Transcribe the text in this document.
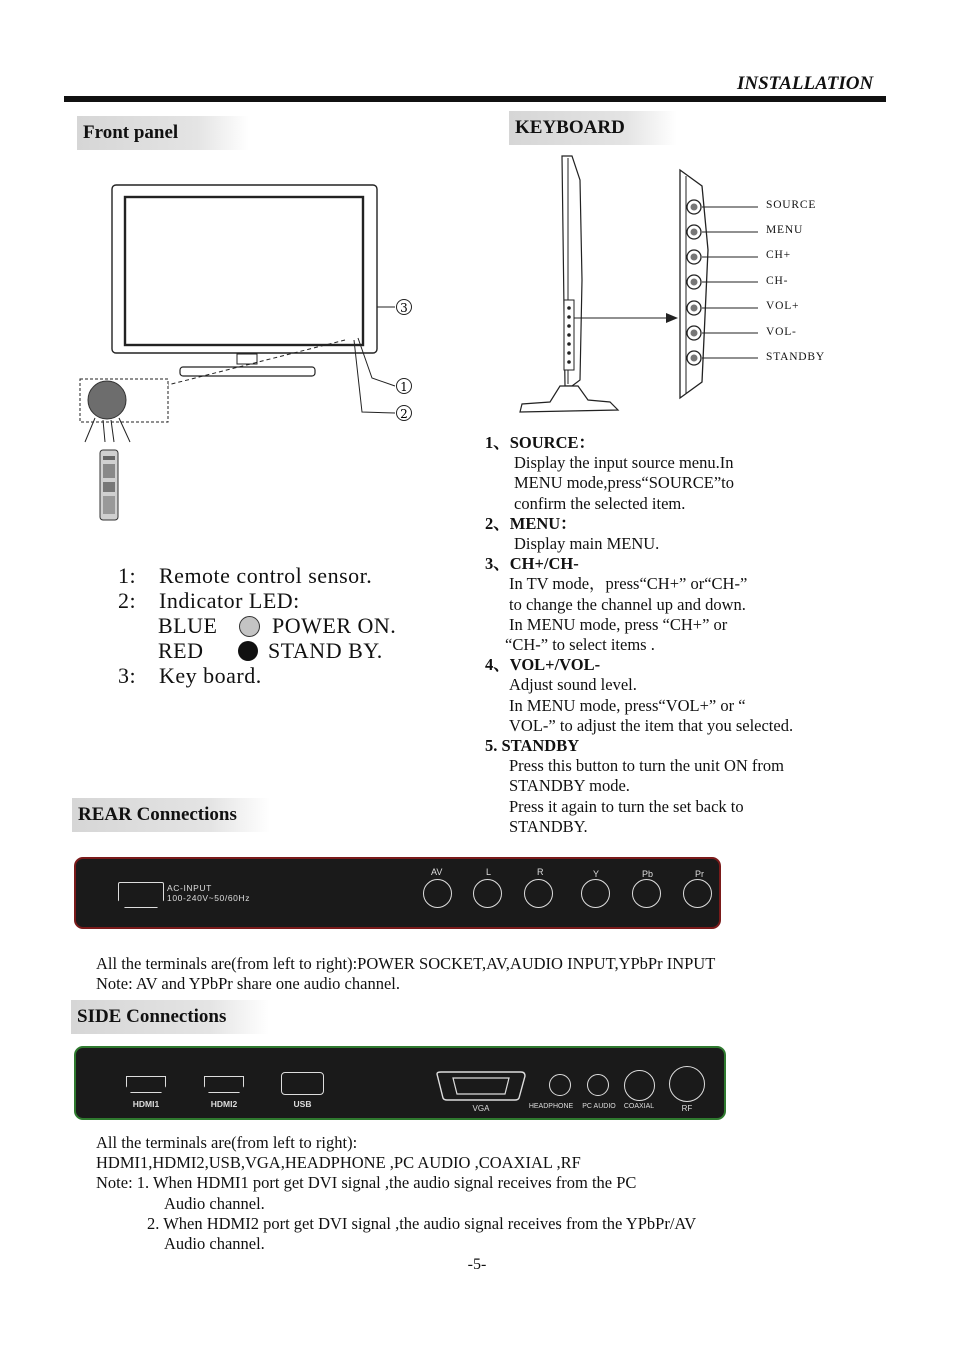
INSTALLATION
Front panel
3
1
2
1: Remote control sensor.
2: Indicator LED:
BLUE POWER ON.
RED	STAND BY.
3: Key board.
KEYBOARD
SOURCE
MENU
CH+
CH-
VOL+
VOL-
STANDBY
1、SOURCE：
Display the input source menu.In
MENU mode,press“SOURCE”to
confirm the selected item.
2、MENU：
Display main MENU.
3、CH+/CH-
In TV mode，press“CH+” or“CH-”
to change the channel up and down.
In MENU mode, press “CH+” or
“CH-” to select items .
4、VOL+/VOL-
Adjust sound level.
In MENU mode, press“VOL+” or “
VOL-” to adjust the item that you selected.
5. STANDBY
Press this button to turn the unit ON from
STANDBY mode.
Press it again to turn the set back to
STANDBY.
REAR Connections
AC-INPUT
100-240V~50/60Hz
AV	L	R	Y	Pb	Pr
All the terminals are(from left to right):POWER SOCKET,AV,AUDIO INPUT,YPbPr INPUT
Note: AV and YPbPr share one audio channel.
SIDE Connections
HDMI1	HDMI2	USB	VGA	HEADPHONE	PC AUDIO	COAXIAL	RF
All the terminals are(from left to right):
HDMI1,HDMI2,USB,VGA,HEADPHONE ,PC AUDIO ,COAXIAL ,RF
Note: 1. When HDMI1 port get DVI signal ,the audio signal receives from the PC
Audio channel.
2. When HDMI2 port get DVI signal ,the audio signal receives from the YPbPr/AV
Audio channel.
-5-
